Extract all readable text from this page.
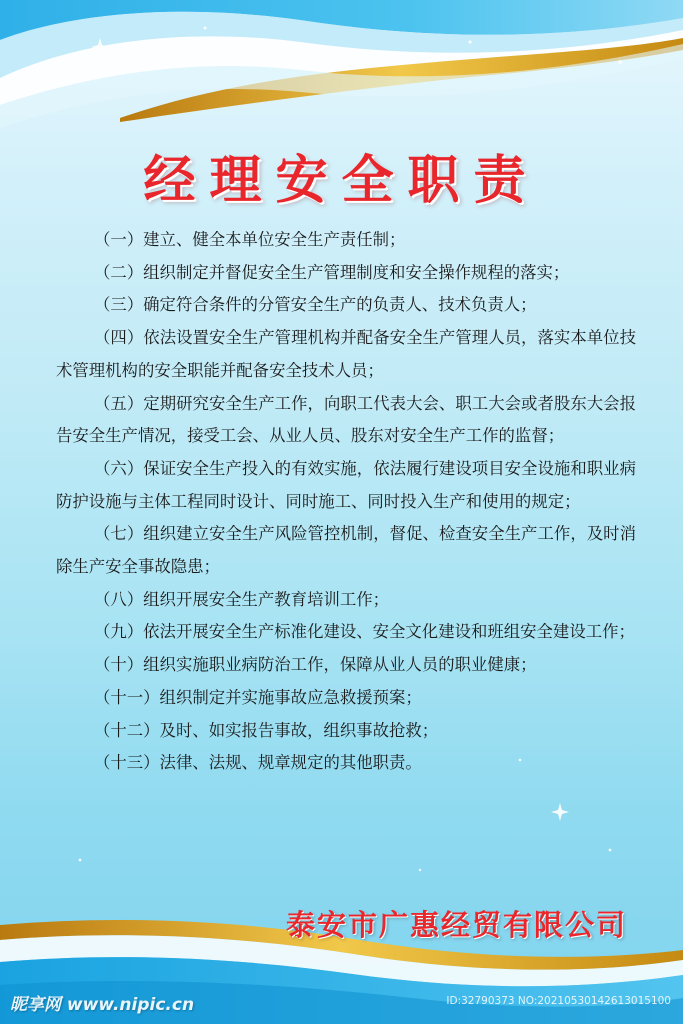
经理安全职责

（一）建立、健全本单位安全生产责任制；

（二）组织制定并督促安全生产管理制度和安全操作规程的落实；

（三）确定符合条件的分管安全生产的负责人、技术负责人；

（四）依法设置安全生产管理机构并配备安全生产管理人员，落实本单位技术管理机构的安全职能并配备安全技术人员；

（五）定期研究安全生产工作，向职工代表大会、职工大会或者股东大会报告安全生产情况，接受工会、从业人员、股东对安全生产工作的监督；

（六）保证安全生产投入的有效实施，依法履行建设项目安全设施和职业病防护设施与主体工程同时设计、同时施工、同时投入生产和使用的规定；

（七）组织建立安全生产风险管控机制，督促、检查安全生产工作，及时消除生产安全事故隐患；

（八）组织开展安全生产教育培训工作；

（九）依法开展安全生产标准化建设、安全文化建设和班组安全建设工作；

（十）组织实施职业病防治工作，保障从业人员的职业健康；

（十一）组织制定并实施事故应急救援预案；

（十二）及时、如实报告事故，组织事故抢救；

（十三）法律、法规、规章规定的其他职责。

泰安市广惠经贸有限公司
昵享网 www.nipic.cn	ID:32790373 NO:20210530142613015100
